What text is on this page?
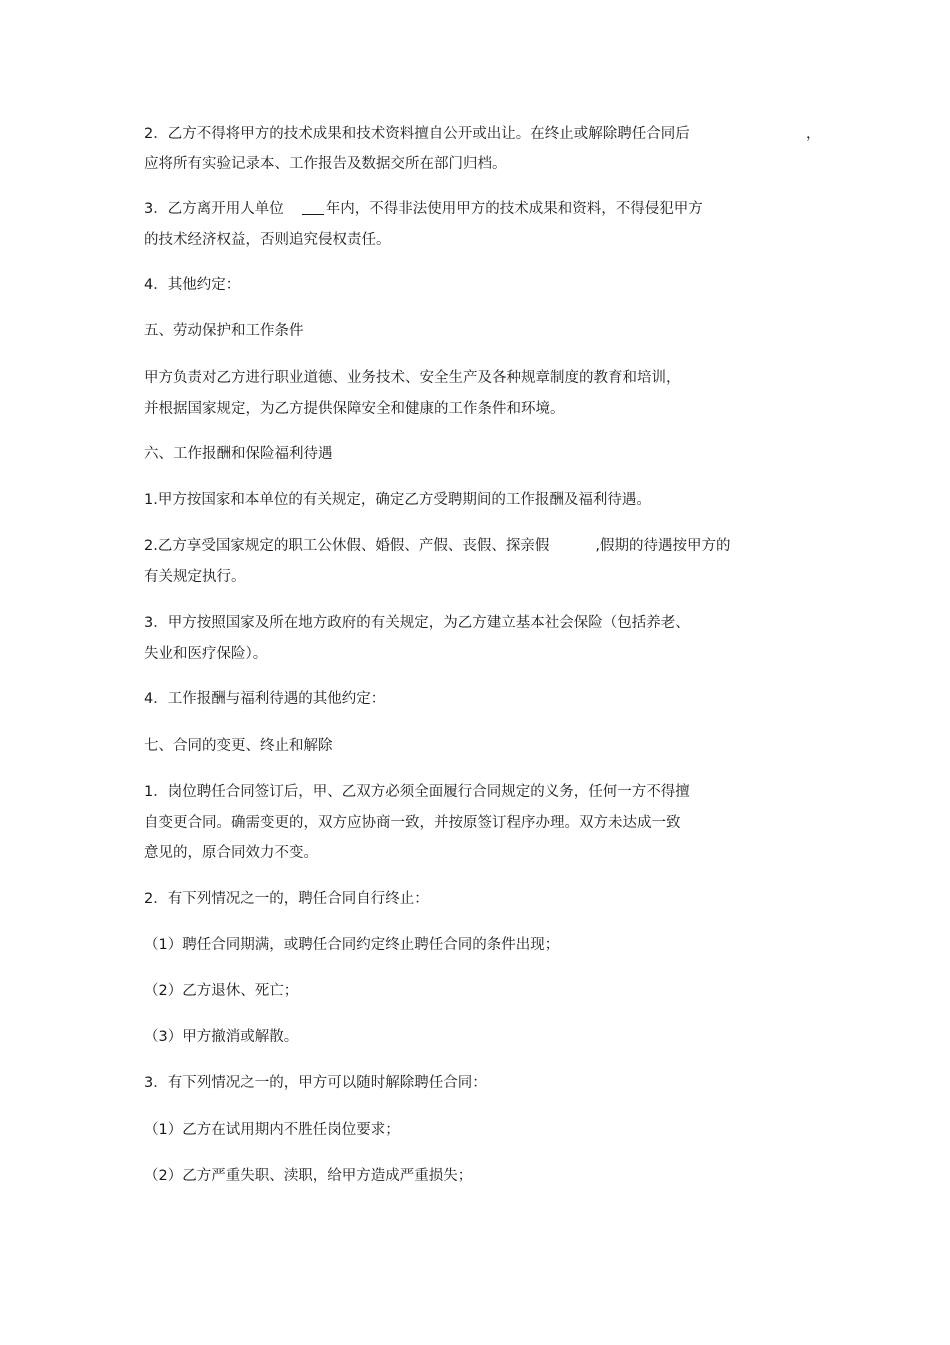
2．乙方不得将甲方的技术成果和技术资料擅自公开或出让。在终止或解除聘任合同后	，
应将所有实验记录本、工作报告及数据交所在部门归档。
3．乙方离开用人单位	年内，不得非法使用甲方的技术成果和资料，不得侵犯甲方
的技术经济权益，否则追究侵权责任。
4．其他约定：
五、劳动保护和工作条件
甲方负责对乙方进行职业道德、业务技术、安全生产及各种规章制度的教育和培训，
并根据国家规定，为乙方提供保障安全和健康的工作条件和环境。
六、工作报酬和保险福利待遇
1.甲方按国家和本单位的有关规定，确定乙方受聘期间的工作报酬及福利待遇。
2.乙方享受国家规定的职工公休假、婚假、产假、丧假、探亲假	,假期的待遇按甲方的
有关规定执行。
3．甲方按照国家及所在地方政府的有关规定，为乙方建立基本社会保险（包括养老、
失业和医疗保险）。
4．工作报酬与福利待遇的其他约定：
七、合同的变更、终止和解除
1．岗位聘任合同签订后，甲、乙双方必须全面履行合同规定的义务，任何一方不得擅
自变更合同。确需变更的，双方应协商一致，并按原签订程序办理。双方未达成一致
意见的，原合同效力不变。
2．有下列情况之一的，聘任合同自行终止：
（1）聘任合同期满，或聘任合同约定终止聘任合同的条件出现；
（2）乙方退休、死亡；
（3）甲方撤消或解散。
3．有下列情况之一的，甲方可以随时解除聘任合同：
（1）乙方在试用期内不胜任岗位要求；
（2）乙方严重失职、渎职，给甲方造成严重损失；
